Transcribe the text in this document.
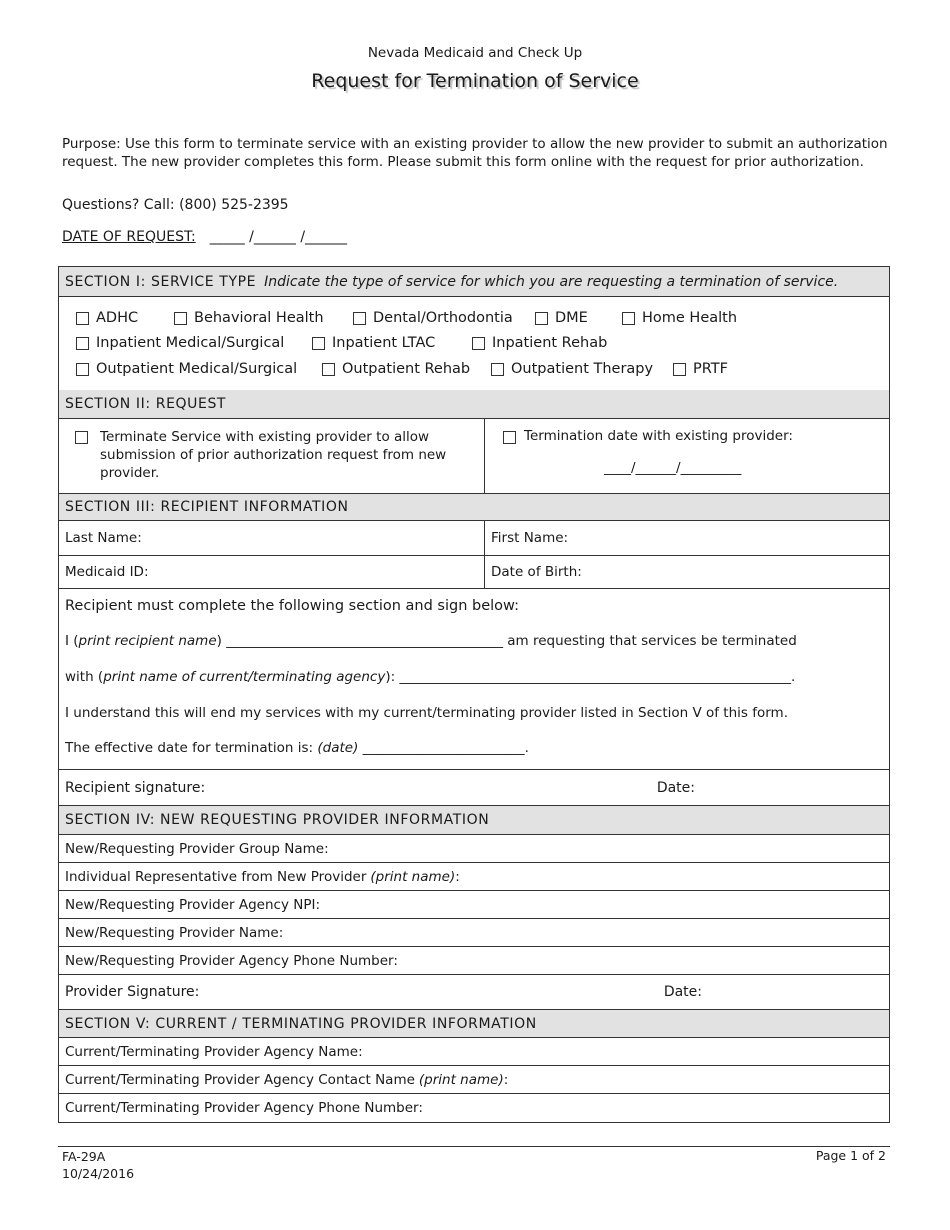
Nevada Medicaid and Check Up
Request for Termination of Service
Purpose: Use this form to terminate service with an existing provider to allow the new provider to submit an authorization request. The new provider completes this form. Please submit this form online with the request for prior authorization.
Questions? Call: (800) 525-2395
DATE OF REQUEST: _____ /______ /______
SECTION I: SERVICE TYPE Indicate the type of service for which you are requesting a termination of service.
ADHC	Behavioral Health	Dental/Orthodontia	DME	Home Health
Inpatient Medical/Surgical	Inpatient LTAC	Inpatient Rehab
Outpatient Medical/Surgical	Outpatient Rehab	Outpatient Therapy	PRTF
SECTION II: REQUEST
Terminate Service with existing provider to allow
submission of prior authorization request from new
provider.
Termination date with existing provider:
____/______/_________
SECTION III: RECIPIENT INFORMATION
Last Name:	First Name:
Medicaid ID:	Date of Birth:
Recipient must complete the following section and sign below:
I (print recipient name) _________________________________________ am requesting that services be terminated
with (print name of current/terminating agency): __________________________________________________________.
I understand this will end my services with my current/terminating provider listed in Section V of this form.
The effective date for termination is: (date) ________________________.
Recipient signature:	Date:
SECTION IV: NEW REQUESTING PROVIDER INFORMATION
New/Requesting Provider Group Name:
Individual Representative from New Provider (print name) :
New/Requesting Provider Agency NPI:
New/Requesting Provider Name:
New/Requesting Provider Agency Phone Number:
Provider Signature:	Date:
SECTION V: CURRENT / TERMINATING PROVIDER INFORMATION
Current/Terminating Provider Agency Name:
Current/Terminating Provider Agency Contact Name (print name) :
Current/Terminating Provider Agency Phone Number:
FA-29A
10/24/2016
Page 1 of 2
